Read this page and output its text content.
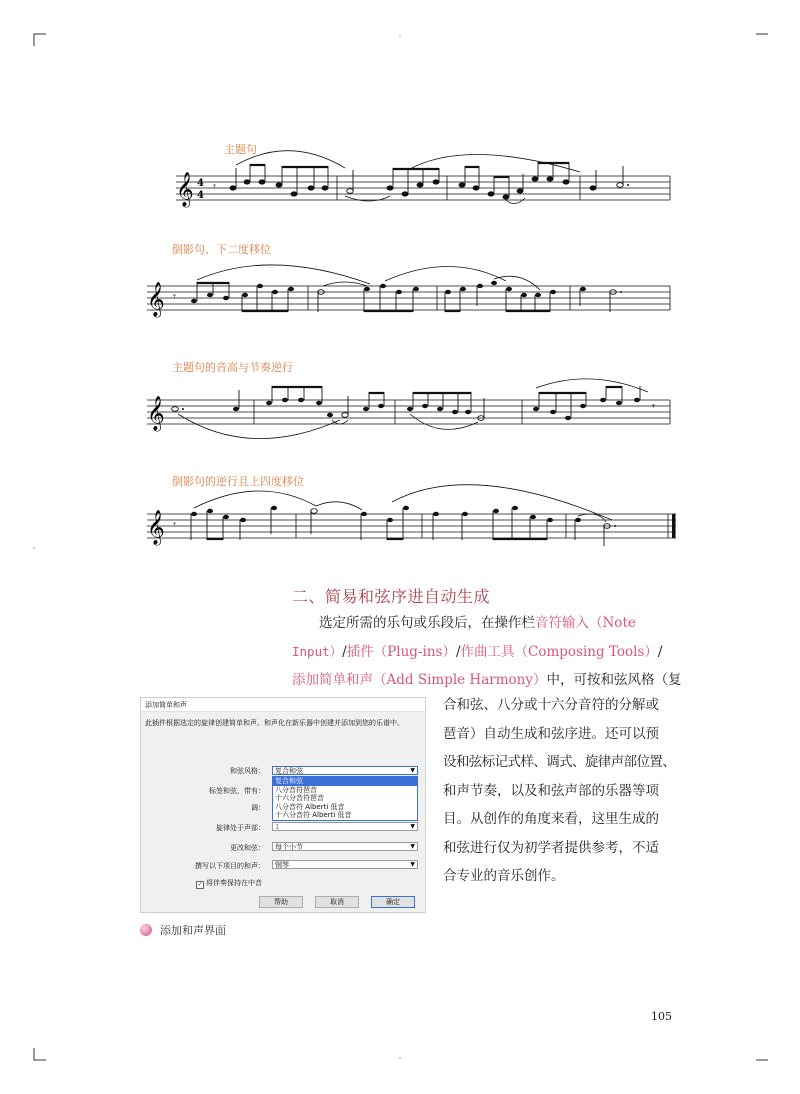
主题句
𝄞 4
4
𝄾
倒影句、下二度移位
𝄞 𝄾
主题句的音高与节奏逆行
𝄞	𝄾
倒影句的逆行且上四度移位
𝄞 𝄾
二、简易和弦序进自动生成
选定所需的乐句或乐段后，在操作栏音符输入（Note
Input）/插件（Plug-ins）/作曲工具（Composing Tools）/
添加简单和声（Add Simple Harmony）中，可按和弦风格（复
合和弦、八分或十六分音符的分解或
琶音）自动生成和弦序进。还可以预
设和弦标记式样、调式、旋律声部位置、
和声节奏，以及和弦声部的乐器等项
目。从创作的角度来看，这里生成的
和弦进行仅为初学者提供参考，不适
合专业的音乐创作。
添加简单和声
此插件根据选定的旋律创建简单和声。和声化在新乐器中创建并添加到您的乐谱中。
和弦风格：	复合和弦	▼
复合和弦
八分音符琶音
十六分音符琶音
八分音符 Alberti 低音
十六分音符 Alberti 低音
标签和弦，带有：
调：
旋律处于声部：	1	▼
更改和弦：	每个小节	▼
撰写以下项目的和声：	钢琴	▼
✓ 将伴奏保持在中音
帮助	取消	确定
添加和声界面
105
